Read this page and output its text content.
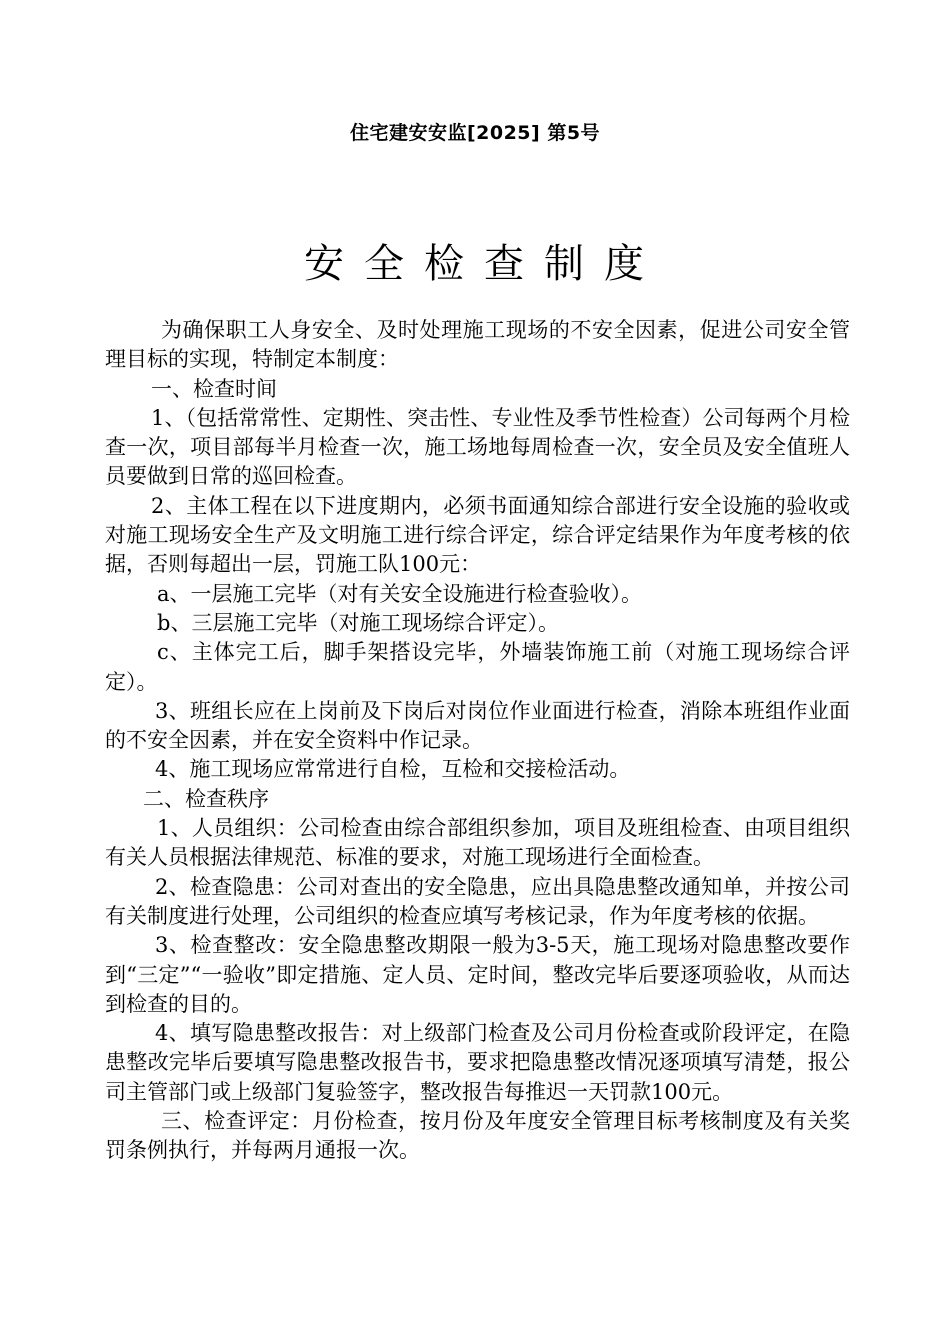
住宅建安安监[2025] 第5号
安全检查制度

为确保职工人身安全、及时处理施工现场的不安全因素，促进公司安全管理目标的实现，特制定本制度：

一、检查时间

1、（包括常常性、定期性、突击性、专业性及季节性检查）公司每两个月检查一次，项目部每半月检查一次，施工场地每周检查一次，安全员及安全值班人员要做到日常的巡回检查。

2、主体工程在以下进度期内，必须书面通知综合部进行安全设施的验收或对施工现场安全生产及文明施工进行综合评定，综合评定结果作为年度考核的依据，否则每超出一层，罚施工队100元：

a、一层施工完毕（对有关安全设施进行检查验收）。

b、三层施工完毕（对施工现场综合评定）。

c、主体完工后，脚手架搭设完毕，外墙装饰施工前（对施工现场综合评定）。

3、班组长应在上岗前及下岗后对岗位作业面进行检查，消除本班组作业面的不安全因素，并在安全资料中作记录。

4、施工现场应常常进行自检，互检和交接检活动。

二、检查秩序

1、人员组织：公司检查由综合部组织参加，项目及班组检查、由项目组织有关人员根据法律规范、标准的要求，对施工现场进行全面检查。

2、检查隐患：公司对查出的安全隐患，应出具隐患整改通知单，并按公司有关制度进行处理，公司组织的检查应填写考核记录，作为年度考核的依据。

3、检查整改：安全隐患整改期限一般为3-5天，施工现场对隐患整改要作到“三定”“一验收”即定措施、定人员、定时间，整改完毕后要逐项验收，从而达到检查的目的。

4、填写隐患整改报告：对上级部门检查及公司月份检查或阶段评定，在隐患整改完毕后要填写隐患整改报告书，要求把隐患整改情况逐项填写清楚，报公司主管部门或上级部门复验签字，整改报告每推迟一天罚款100元。

三、检查评定：月份检查，按月份及年度安全管理目标考核制度及有关奖罚条例执行，并每两月通报一次。
